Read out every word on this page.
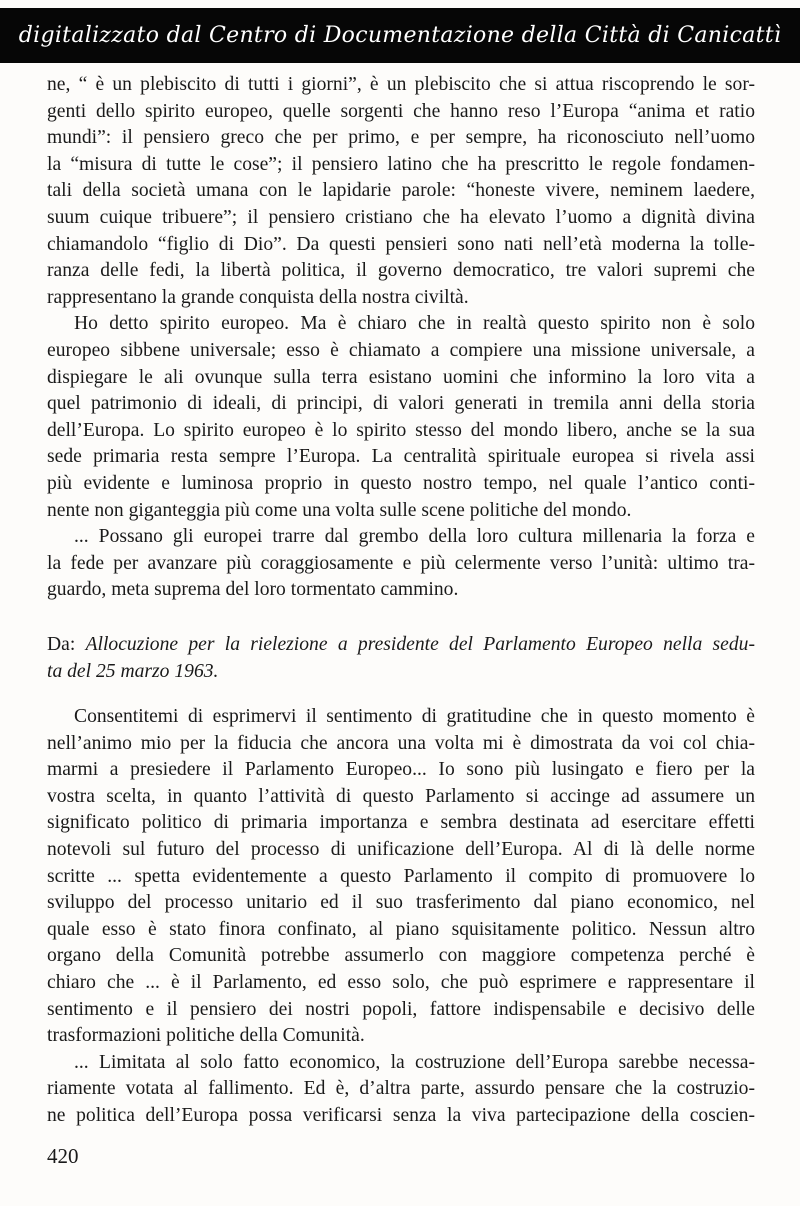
digitalizzato dal Centro di Documentazione della Città di Canicattì
ne, “ è un plebiscito di tutti i giorni”, è un plebiscito che si attua riscoprendo le sor-
genti dello spirito europeo, quelle sorgenti che hanno reso l’Europa “anima et ratio
mundi”: il pensiero greco che per primo, e per sempre, ha riconosciuto nell’uomo
la “misura di tutte le cose”; il pensiero latino che ha prescritto le regole fondamen-
tali della società umana con le lapidarie parole: “honeste vivere, neminem laedere,
suum cuique tribuere”; il pensiero cristiano che ha elevato l’uomo a dignità divina
chiamandolo “figlio di Dio”. Da questi pensieri sono nati nell’età moderna la tolle-
ranza delle fedi, la libertà politica, il governo democratico, tre valori supremi che
rappresentano la grande conquista della nostra civiltà.
Ho detto spirito europeo. Ma è chiaro che in realtà questo spirito non è solo
europeo sibbene universale; esso è chiamato a compiere una missione universale, a
dispiegare le ali ovunque sulla terra esistano uomini che informino la loro vita a
quel patrimonio di ideali, di principi, di valori generati in tremila anni della storia
dell’Europa. Lo spirito europeo è lo spirito stesso del mondo libero, anche se la sua
sede primaria resta sempre l’Europa. La centralità spirituale europea si rivela assi
più evidente e luminosa proprio in questo nostro tempo, nel quale l’antico conti-
nente non giganteggia più come una volta sulle scene politiche del mondo.
... Possano gli europei trarre dal grembo della loro cultura millenaria la forza e
la fede per avanzare più coraggiosamente e più celermente verso l’unità: ultimo tra-
guardo, meta suprema del loro tormentato cammino.
Da: Allocuzione per la rielezione a presidente del Parlamento Europeo nella sedu-
ta del 25 marzo 1963.
Consentitemi di esprimervi il sentimento di gratitudine che in questo momento è
nell’animo mio per la fiducia che ancora una volta mi è dimostrata da voi col chia-
marmi a presiedere il Parlamento Europeo... Io sono più lusingato e fiero per la
vostra scelta, in quanto l’attività di questo Parlamento si accinge ad assumere un
significato politico di primaria importanza e sembra destinata ad esercitare effetti
notevoli sul futuro del processo di unificazione dell’Europa. Al di là delle norme
scritte ... spetta evidentemente a questo Parlamento il compito di promuovere lo
sviluppo del processo unitario ed il suo trasferimento dal piano economico, nel
quale esso è stato finora confinato, al piano squisitamente politico. Nessun altro
organo della Comunità potrebbe assumerlo con maggiore competenza perché è
chiaro che ... è il Parlamento, ed esso solo, che può esprimere e rappresentare il
sentimento e il pensiero dei nostri popoli, fattore indispensabile e decisivo delle
trasformazioni politiche della Comunità.
... Limitata al solo fatto economico, la costruzione dell’Europa sarebbe necessa-
riamente votata al fallimento. Ed è, d’altra parte, assurdo pensare che la costruzio-
ne politica dell’Europa possa verificarsi senza la viva partecipazione della coscien-
420
